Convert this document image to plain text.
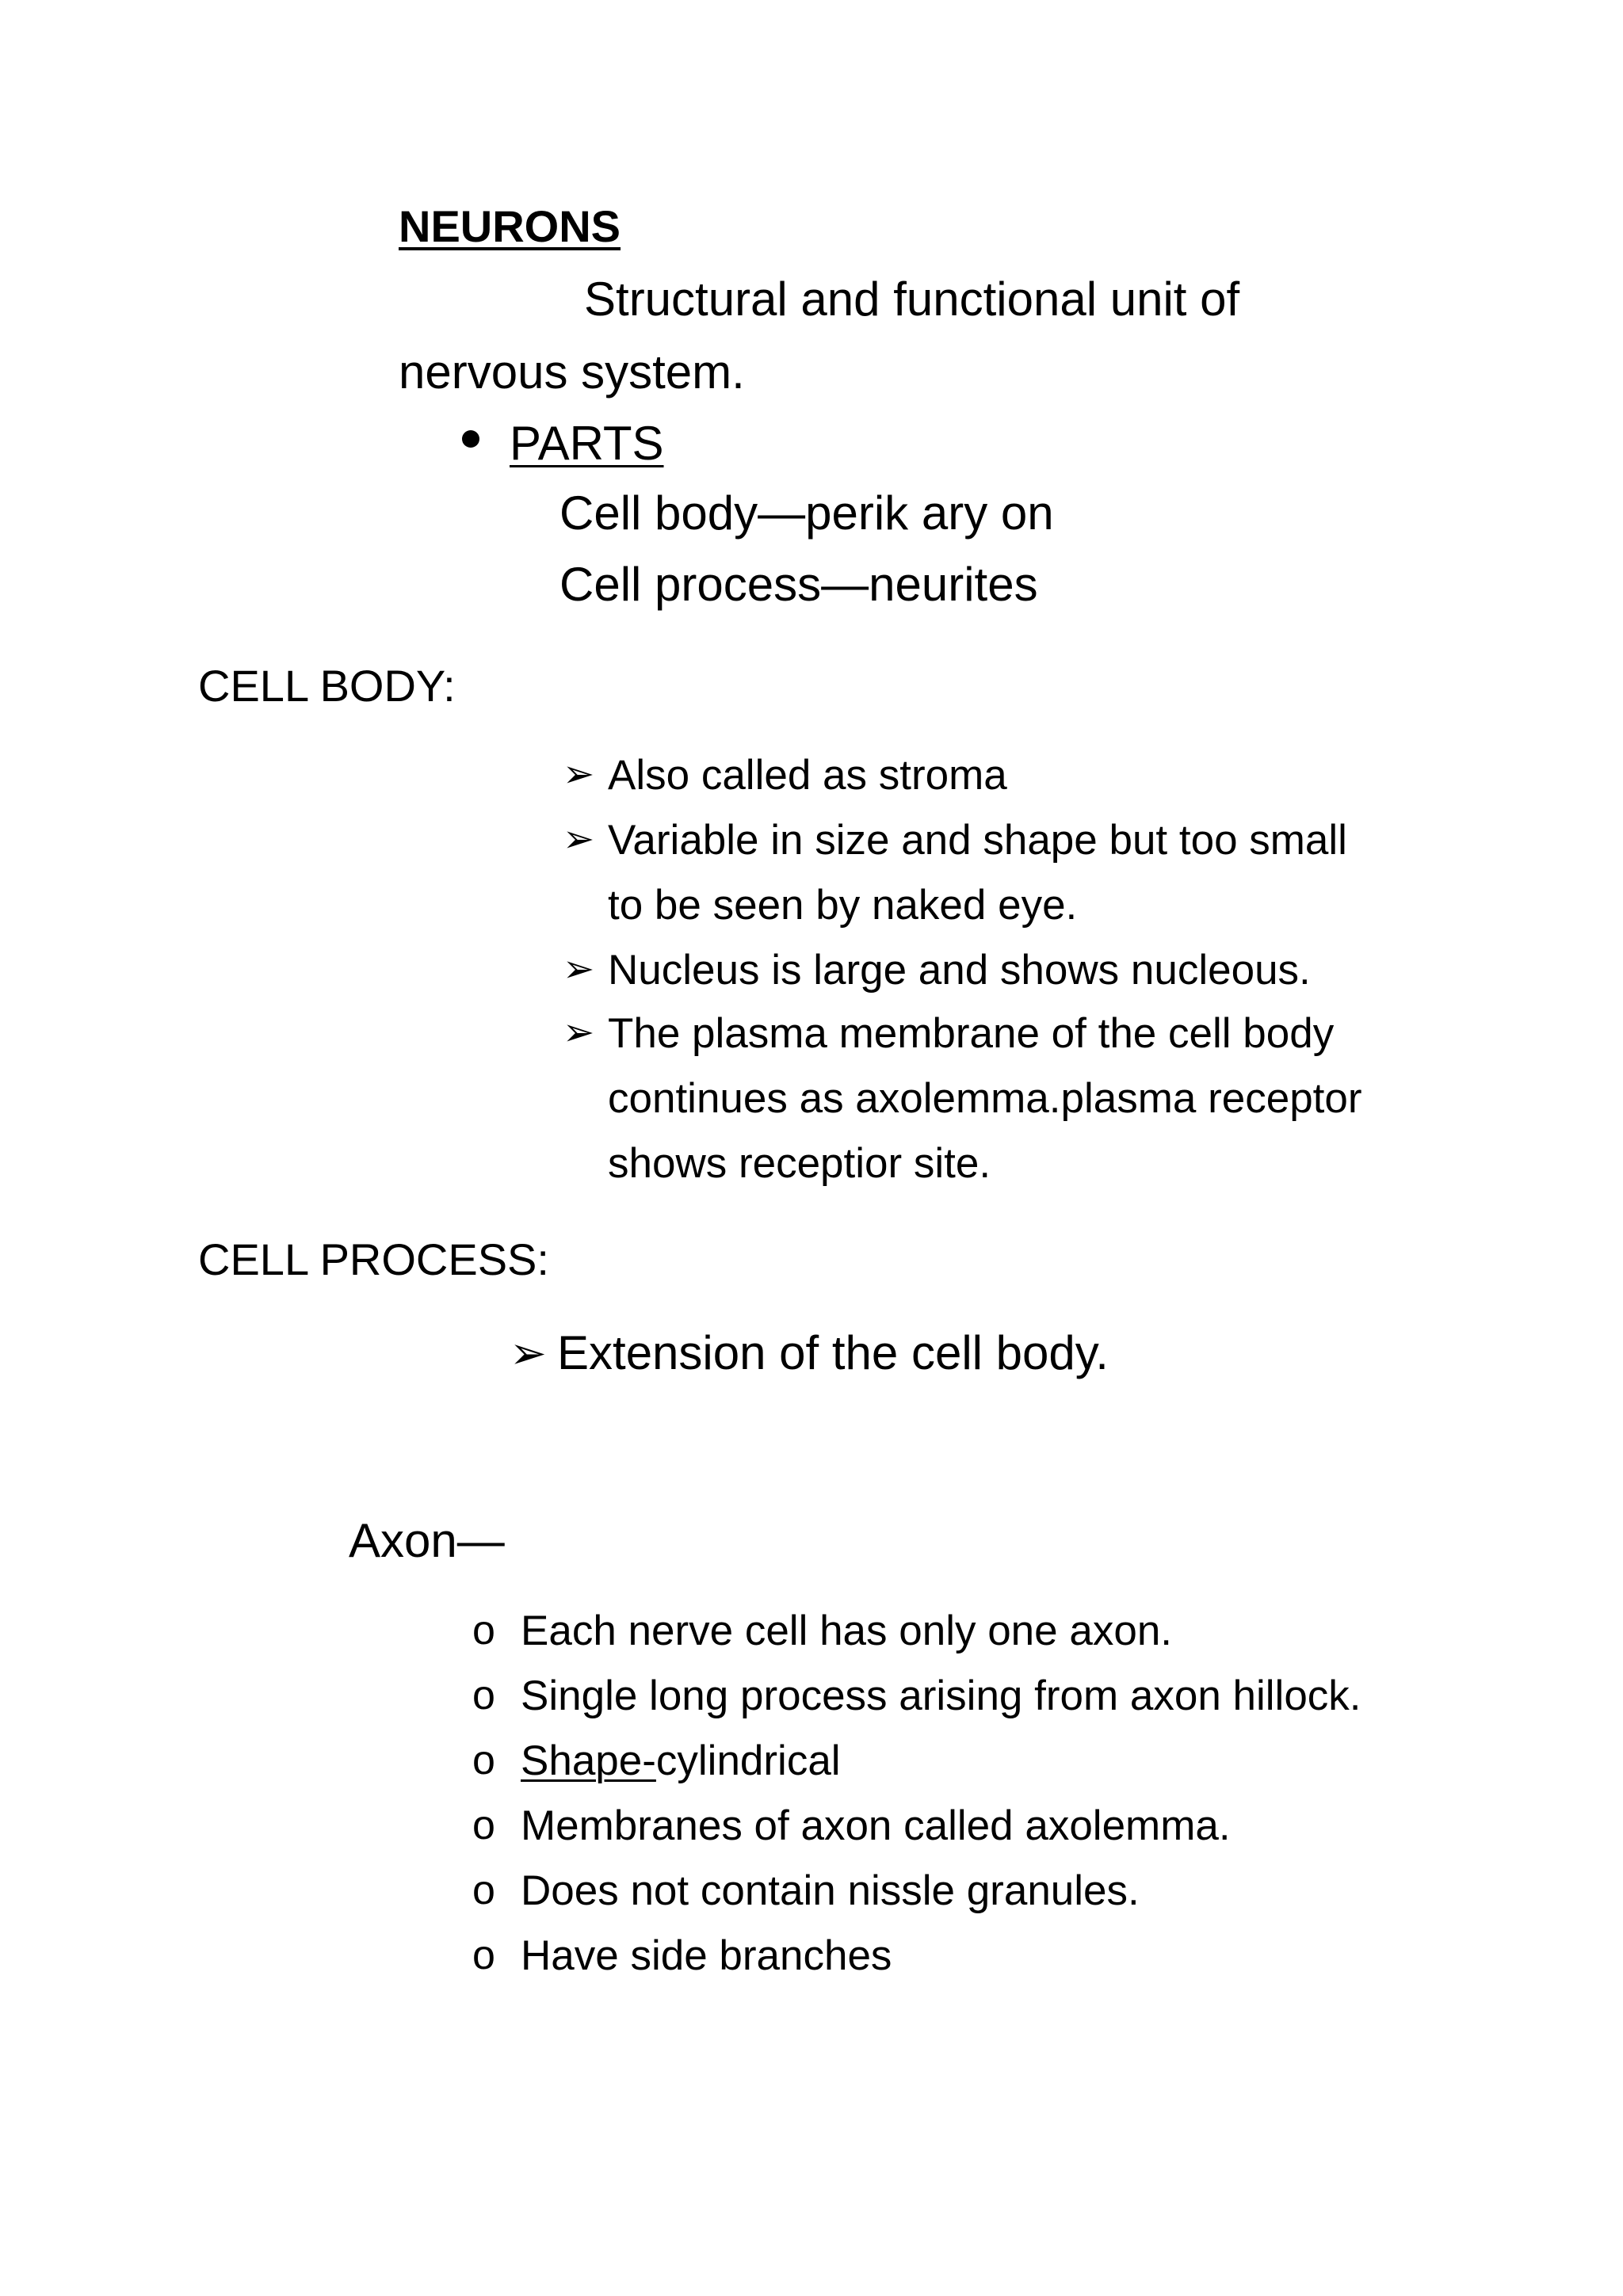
NEURONS
Structural and functional unit of
nervous system.
PARTS
Cell body—perik ary on
Cell process—neurites
CELL BODY:
➢ Also called as stroma
➢ Variable in size and shape but too small
to be seen by naked eye.
➢ Nucleus is large and shows nucleous.
➢ The plasma membrane of the cell body
continues as axolemma.plasma receptor
shows receptior site.
CELL PROCESS:
➢ Extension of the cell body.
Axon—
o Each nerve cell has only one axon.
o Single long process arising from axon hillock.
o Shape-cylindrical
o Membranes of axon called axolemma.
o Does not contain nissle granules.
o Have side branches
